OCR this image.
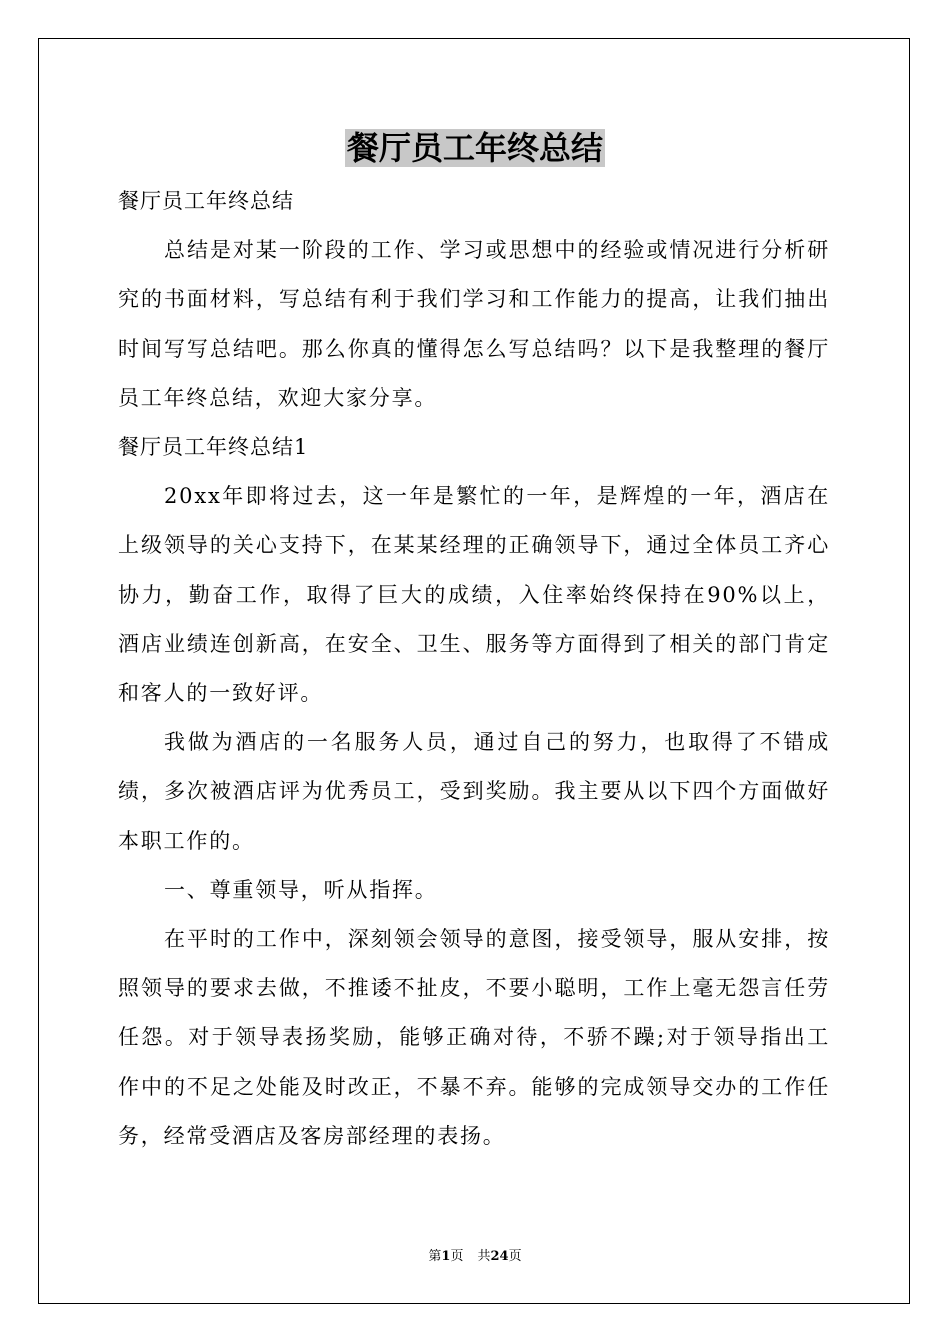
餐厅员工年终总结

餐厅员工年终总结

总结是对某一阶段的工作、学习或思想中的经验或情况进行分析研究的书面材料，写总结有利于我们学习和工作能力的提高，让我们抽出时间写写总结吧。那么你真的懂得怎么写总结吗？以下是我整理的餐厅员工年终总结，欢迎大家分享。

餐厅员工年终总结1

20xx年即将过去，这一年是繁忙的一年，是辉煌的一年，酒店在上级领导的关心支持下，在某某经理的正确领导下，通过全体员工齐心协力，勤奋工作，取得了巨大的成绩，入住率始终保持在90%以上，酒店业绩连创新高，在安全、卫生、服务等方面得到了相关的部门肯定和客人的一致好评。

我做为酒店的一名服务人员，通过自己的努力，也取得了不错成绩，多次被酒店评为优秀员工，受到奖励。我主要从以下四个方面做好本职工作的。

一、尊重领导，听从指挥。

在平时的工作中，深刻领会领导的意图，接受领导，服从安排，按照领导的要求去做，不推诿不扯皮，不要小聪明，工作上毫无怨言任劳任怨。对于领导表扬奖励，能够正确对待，不骄不躁;对于领导指出工作中的不足之处能及时改正，不暴不弃。能够的完成领导交办的工作任务，经常受酒店及客房部经理的表扬。

第1页 共24页
